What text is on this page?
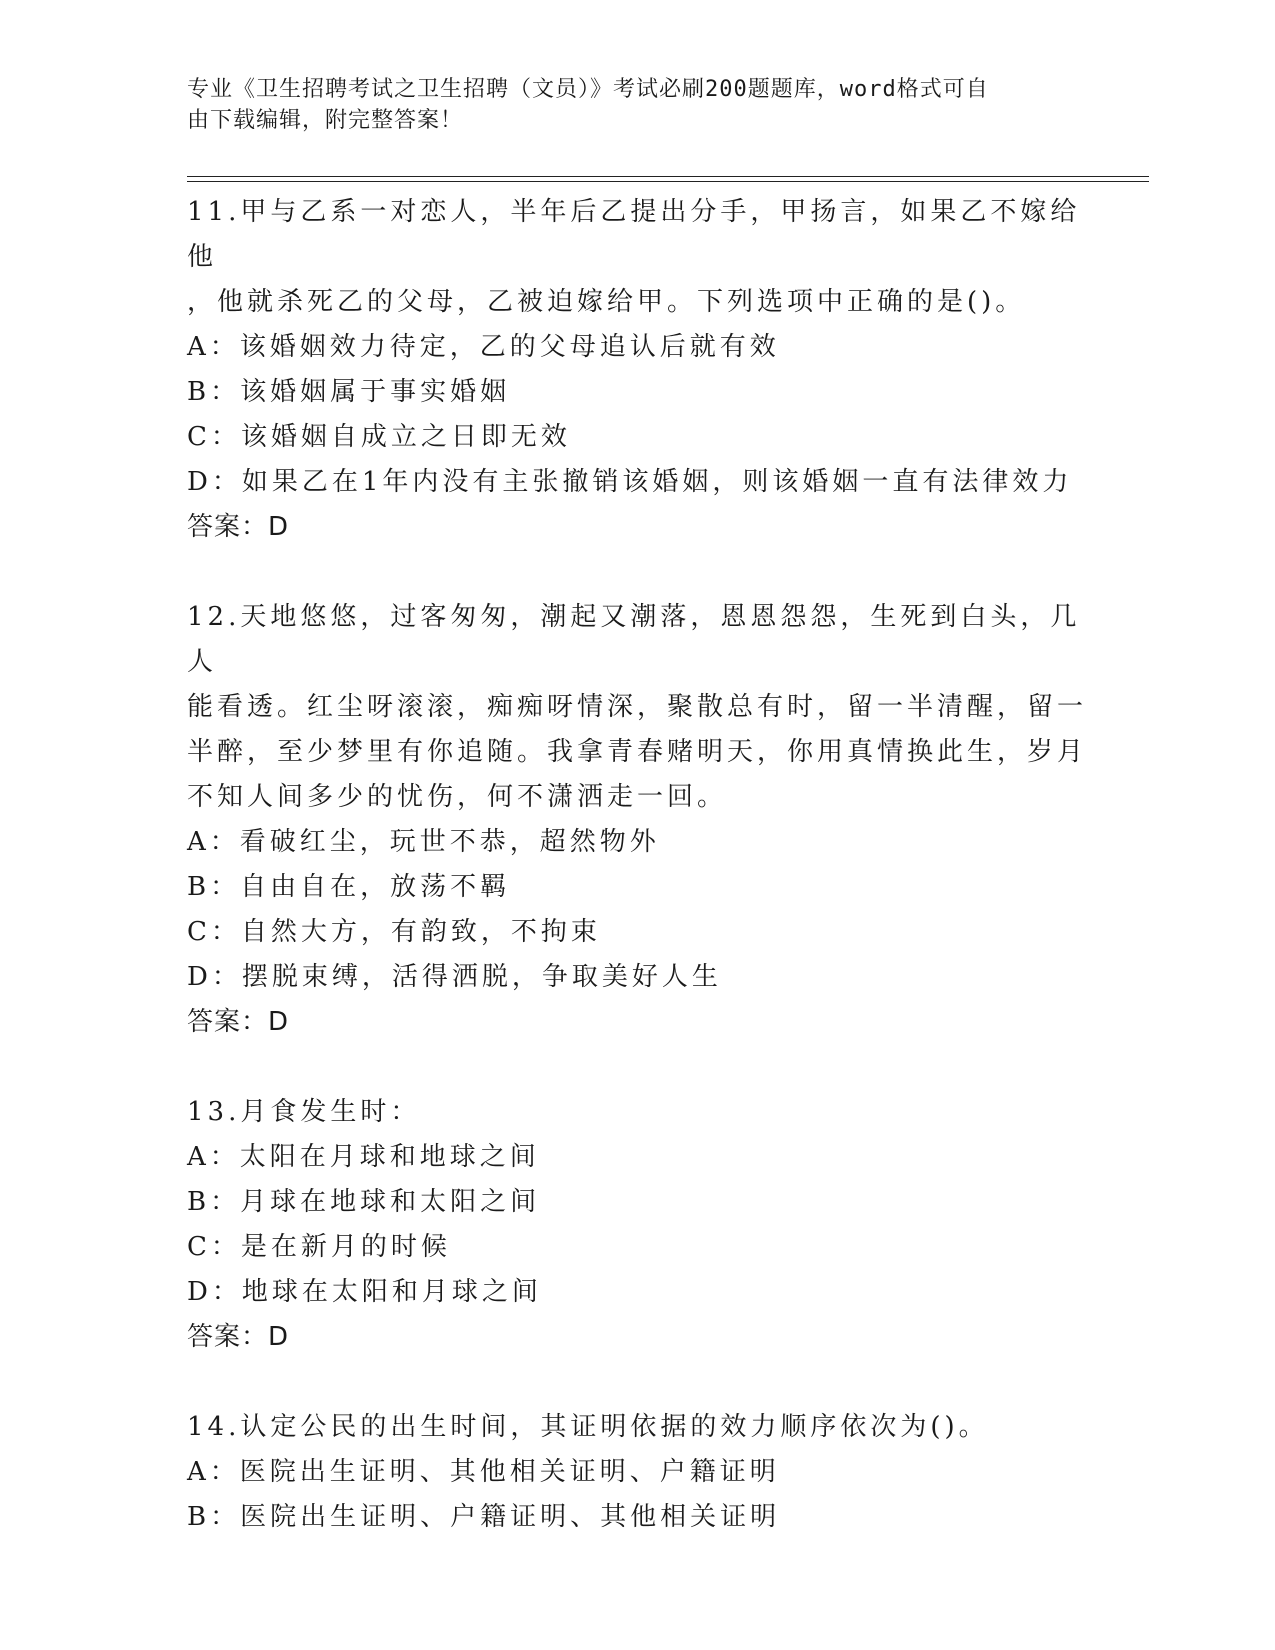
专业《卫生招聘考试之卫生招聘（文员）》考试必刷200题题库，word格式可自
由下载编辑，附完整答案！
11.甲与乙系一对恋人，半年后乙提出分手，甲扬言，如果乙不嫁给他
，他就杀死乙的父母，乙被迫嫁给甲。下列选项中正确的是()。
A：该婚姻效力待定，乙的父母追认后就有效
B：该婚姻属于事实婚姻
C：该婚姻自成立之日即无效
D：如果乙在1年内没有主张撤销该婚姻，则该婚姻一直有法律效力
答案：D
12.天地悠悠，过客匆匆，潮起又潮落，恩恩怨怨，生死到白头，几人
能看透。红尘呀滚滚，痴痴呀情深，聚散总有时，留一半清醒，留一
半醉，至少梦里有你追随。我拿青春赌明天，你用真情换此生，岁月
不知人间多少的忧伤，何不潇洒走一回。
A：看破红尘，玩世不恭，超然物外
B：自由自在，放荡不羁
C：自然大方，有韵致，不拘束
D：摆脱束缚，活得洒脱，争取美好人生
答案：D
13.月食发生时：
A：太阳在月球和地球之间
B：月球在地球和太阳之间
C：是在新月的时候
D：地球在太阳和月球之间
答案：D
14.认定公民的出生时间，其证明依据的效力顺序依次为()。
A：医院出生证明、其他相关证明、户籍证明
B：医院出生证明、户籍证明、其他相关证明
